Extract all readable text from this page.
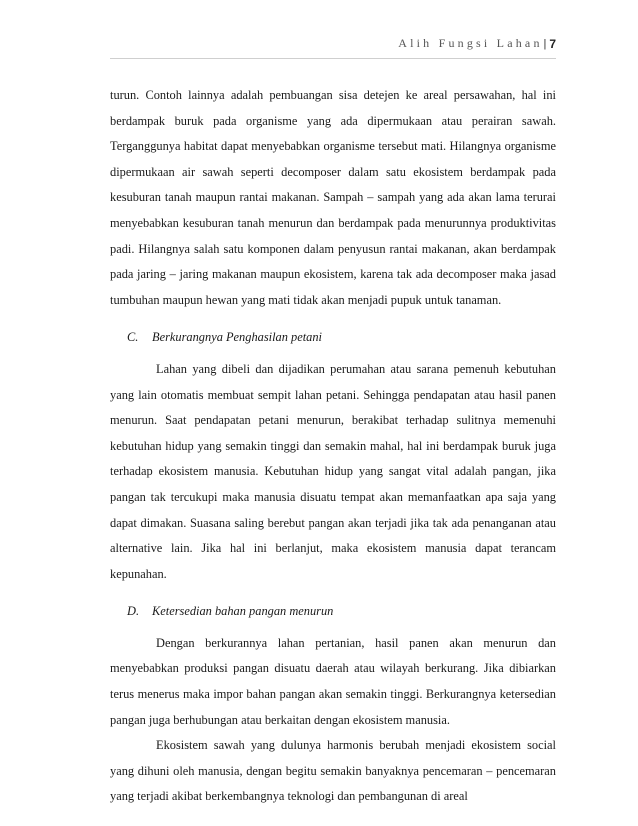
Alih Fungsi Lahan | 7

turun. Contoh lainnya adalah pembuangan sisa detejen ke areal persawahan, hal ini berdampak buruk pada organisme yang ada dipermukaan atau perairan sawah. Terganggunya habitat dapat menyebabkan organisme tersebut mati. Hilangnya organisme dipermukaan air sawah seperti decomposer dalam satu ekosistem berdampak pada kesuburan tanah maupun rantai makanan. Sampah – sampah yang ada akan lama terurai menyebabkan kesuburan tanah menurun dan berdampak pada menurunnya produktivitas padi. Hilangnya salah satu komponen dalam penyusun rantai makanan, akan berdampak pada jaring – jaring makanan maupun ekosistem, karena tak ada decomposer maka jasad tumbuhan maupun hewan yang mati tidak akan menjadi pupuk untuk tanaman.

C. Berkurangnya Penghasilan petani

Lahan yang dibeli dan dijadikan perumahan atau sarana pemenuh kebutuhan yang lain otomatis membuat sempit lahan petani. Sehingga pendapatan atau hasil panen menurun. Saat pendapatan petani menurun, berakibat terhadap sulitnya memenuhi kebutuhan hidup yang semakin tinggi dan semakin mahal, hal ini berdampak buruk juga terhadap ekosistem manusia. Kebutuhan hidup yang sangat vital adalah pangan, jika pangan tak tercukupi maka manusia disuatu tempat akan memanfaatkan apa saja yang dapat dimakan. Suasana saling berebut pangan akan terjadi jika tak ada penanganan atau alternative lain. Jika hal ini berlanjut, maka ekosistem manusia dapat terancam kepunahan.

D. Ketersedian bahan pangan menurun

Dengan berkurannya lahan pertanian, hasil panen akan menurun dan menyebabkan produksi pangan disuatu daerah atau wilayah berkurang. Jika dibiarkan terus menerus maka impor bahan pangan akan semakin tinggi. Berkurangnya ketersedian pangan juga berhubungan atau berkaitan dengan ekosistem manusia.

Ekosistem sawah yang dulunya harmonis berubah menjadi ekosistem social yang dihuni oleh manusia, dengan begitu semakin banyaknya pencemaran – pencemaran yang terjadi akibat berkembangnya teknologi dan pembangunan di areal
